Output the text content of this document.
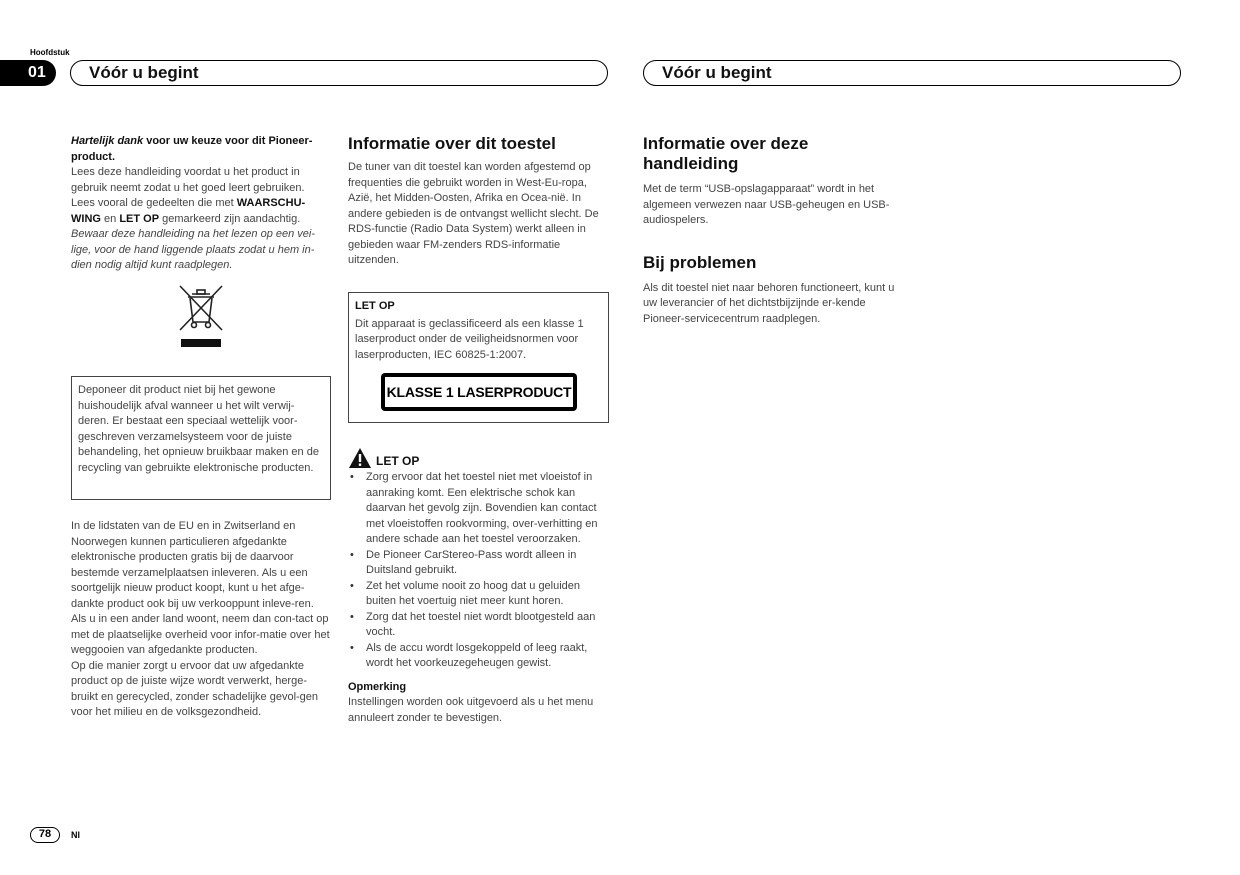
Hoofdstuk
01	Vóór u begint	Vóór u begint

Hartelijk dank voor uw keuze voor dit Pioneer-product.

Lees deze handleiding voordat u het product in gebruik neemt zodat u het goed leert gebruiken. Lees vooral de gedeelten die met WAARSCHU-WING en LET OP gemarkeerd zijn aandachtig.

Bewaar deze handleiding na het lezen op een vei-lige, voor de hand liggende plaats zodat u hem in-dien nodig altijd kunt raadplegen.

Deponeer dit product niet bij het gewone huishoudelijk afval wanneer u het wilt verwij-deren. Er bestaat een speciaal wettelijk voor-geschreven verzamelsysteem voor de juiste behandeling, het opnieuw bruikbaar maken en de recycling van gebruikte elektronische producten.

In de lidstaten van de EU en in Zwitserland en Noorwegen kunnen particulieren afgedankte elektronische producten gratis bij de daarvoor bestemde verzamelplaatsen inleveren. Als u een soortgelijk nieuw product koopt, kunt u het afge-dankte product ook bij uw verkooppunt inleve-ren.

Als u in een ander land woont, neem dan con-tact op met de plaatselijke overheid voor infor-matie over het weggooien van afgedankte producten.

Op die manier zorgt u ervoor dat uw afgedankte product op de juiste wijze wordt verwerkt, herge-bruikt en gerecycled, zonder schadelijke gevol-gen voor het milieu en de volksgezondheid.

Informatie over dit toestel

De tuner van dit toestel kan worden afgestemd op frequenties die gebruikt worden in West-Eu-ropa, Azië, het Midden-Oosten, Afrika en Ocea-nië. In andere gebieden is de ontvangst wellicht slecht. De RDS-functie (Radio Data System) werkt alleen in gebieden waar FM-zenders RDS-informatie uitzenden.

LET OP
Dit apparaat is geclassificeerd als een klasse 1 laserproduct onder de veiligheidsnormen voor laserproducten, IEC 60825-1:2007.
KLASSE 1 LASERPRODUCT
LET OP
• Zorg ervoor dat het toestel niet met vloeistof in aanraking komt. Een elektrische schok kan daarvan het gevolg zijn. Bovendien kan contact met vloeistoffen rookvorming, over-verhitting en andere schade aan het toestel veroorzaken.
• De Pioneer CarStereo-Pass wordt alleen in Duitsland gebruikt.
• Zet het volume nooit zo hoog dat u geluiden buiten het voertuig niet meer kunt horen.
• Zorg dat het toestel niet wordt blootgesteld aan vocht.
• Als de accu wordt losgekoppeld of leeg raakt, wordt het voorkeuzegeheugen gewist.

Opmerking

Instellingen worden ook uitgevoerd als u het menu annuleert zonder te bevestigen.

Informatie over deze handleiding

Met de term “USB-opslagapparaat” wordt in het algemeen verwezen naar USB-geheugen en USB-audiospelers.

Bij problemen

Als dit toestel niet naar behoren functioneert, kunt u uw leverancier of het dichtstbijzijnde er-kende Pioneer-servicecentrum raadplegen.

78	Nl
